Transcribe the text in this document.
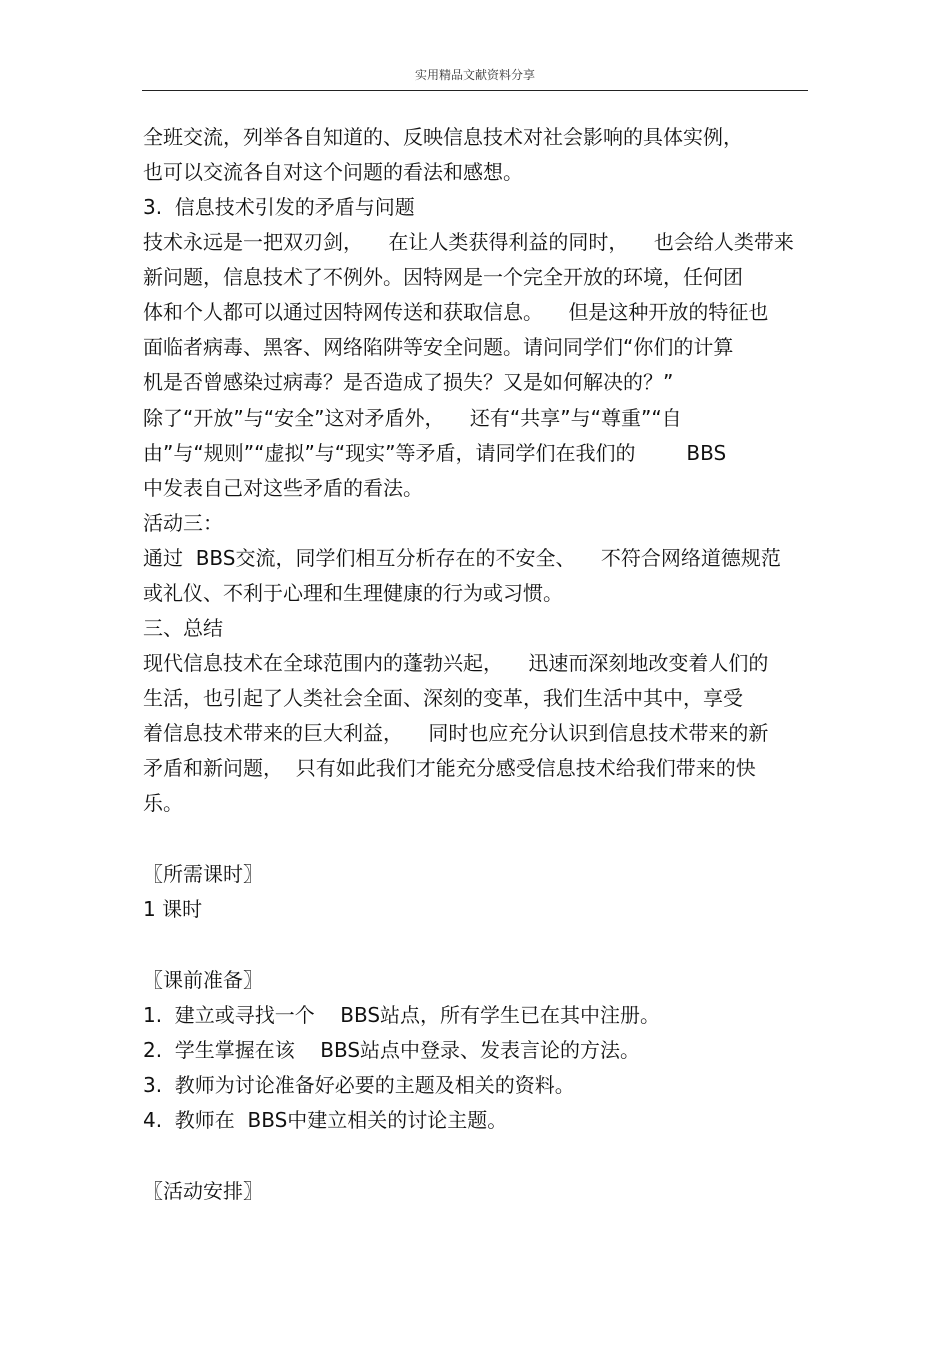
实用精品文献资料分享
全班交流，列举各自知道的、反映信息技术对社会影响的具体实例，
也可以交流各自对这个问题的看法和感想。
3.  信息技术引发的矛盾与问题
技术永远是一把双刃剑，    在让人类获得利益的同时，    也会给人类带来
新问题，信息技术了不例外。因特网是一个完全开放的环境，任何团
体和个人都可以通过因特网传送和获取信息。    但是这种开放的特征也
面临者病毒、黑客、网络陷阱等安全问题。请问同学们“你们的计算
机是否曾感染过病毒？是否造成了损失？又是如何解决的？”
除了“开放”与“安全”这对矛盾外，    还有“共享”与“尊重”“自
由”与“规则”“虚拟”与“现实”等矛盾，请同学们在我们的        BBS
中发表自己对这些矛盾的看法。
活动三：
通过  BBS交流，同学们相互分析存在的不安全、    不符合网络道德规范
或礼仪、不利于心理和生理健康的行为或习惯。
三、总结
现代信息技术在全球范围内的蓬勃兴起，    迅速而深刻地改变着人们的
生活，也引起了人类社会全面、深刻的变革，我们生活中其中，享受
着信息技术带来的巨大利益，    同时也应充分认识到信息技术带来的新
矛盾和新问题，  只有如此我们才能充分感受信息技术给我们带来的快
乐。
〖所需课时〗
1 课时
〖课前准备〗
1.  建立或寻找一个    BBS站点，所有学生已在其中注册。
2.  学生掌握在该    BBS站点中登录、发表言论的方法。
3.  教师为讨论准备好必要的主题及相关的资料。
4.  教师在  BBS中建立相关的讨论主题。
〖活动安排〗
